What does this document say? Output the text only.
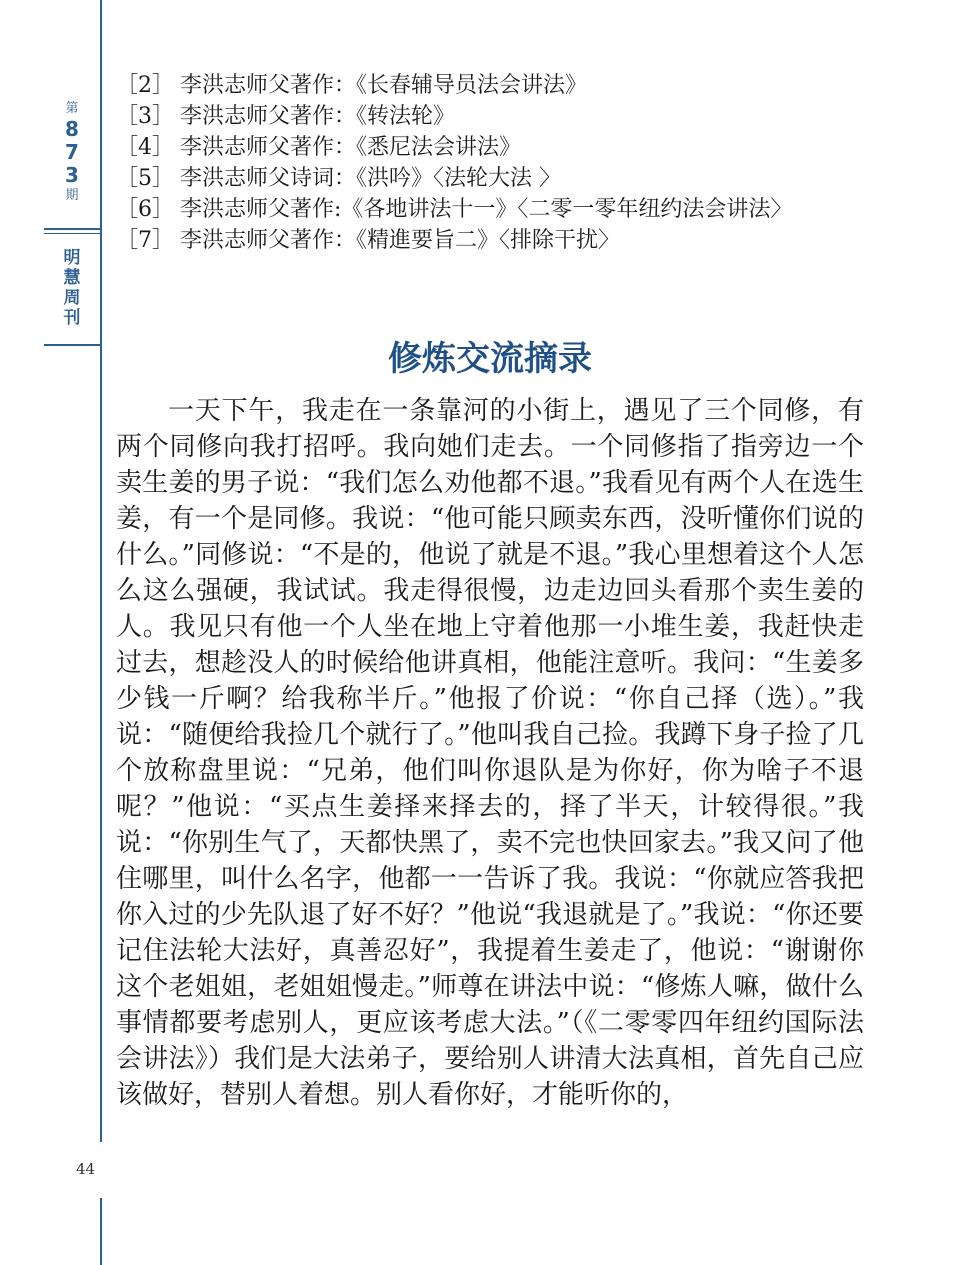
第
8
7
3
期
明
慧
周
刊
［2］ 李洪志师父著作：《长春辅导员法会讲法》
［3］ 李洪志师父著作：《转法轮》
［4］ 李洪志师父著作：《悉尼法会讲法》
［5］ 李洪志师父诗词：《洪吟》〈法轮大法 〉
［6］ 李洪志师父著作:《各地讲法十一》〈二零一零年纽约法会讲法〉
［7］ 李洪志师父著作：《精進要旨二》〈排除干扰〉
修炼交流摘录

一天下午，我走在一条靠河的小街上，遇见了三个同修，有两个同修向我打招呼。我向她们走去。一个同修指了指旁边一个卖生姜的男子说：“我们怎么劝他都不退。”我看见有两个人在选生姜，有一个是同修。我说：“他可能只顾卖东西，没听懂你们说的什么。”同修说：“不是的，他说了就是不退。”我心里想着这个人怎么这么强硬，我试试。我走得很慢，边走边回头看那个卖生姜的人。我见只有他一个人坐在地上守着他那一小堆生姜，我赶快走过去，想趁没人的时候给他讲真相，他能注意听。我问：“生姜多少钱一斤啊？给我称半斤。”他报了价说：“你自己择（选）。”我说：“随便给我捡几个就行了。”他叫我自己捡。我蹲下身子捡了几个放称盘里说：“兄弟，他们叫你退队是为你好，你为啥子不退呢？”他说：“买点生姜择来择去的，择了半天，计较得很。”我说：“你别生气了，天都快黑了，卖不完也快回家去。”我又问了他住哪里，叫什么名字，他都一一告诉了我。我说：“你就应答我把你入过的少先队退了好不好？”他说“我退就是了。”我说：“你还要记住法轮大法好，真善忍好”，我提着生姜走了，他说：“谢谢你这个老姐姐，老姐姐慢走。”师尊在讲法中说：“修炼人嘛，做什么事情都要考虑别人，更应该考虑大法。”（《二零零四年纽约国际法会讲法》）我们是大法弟子，要给别人讲清大法真相，首先自己应该做好，替别人着想。别人看你好，才能听你的，

44
